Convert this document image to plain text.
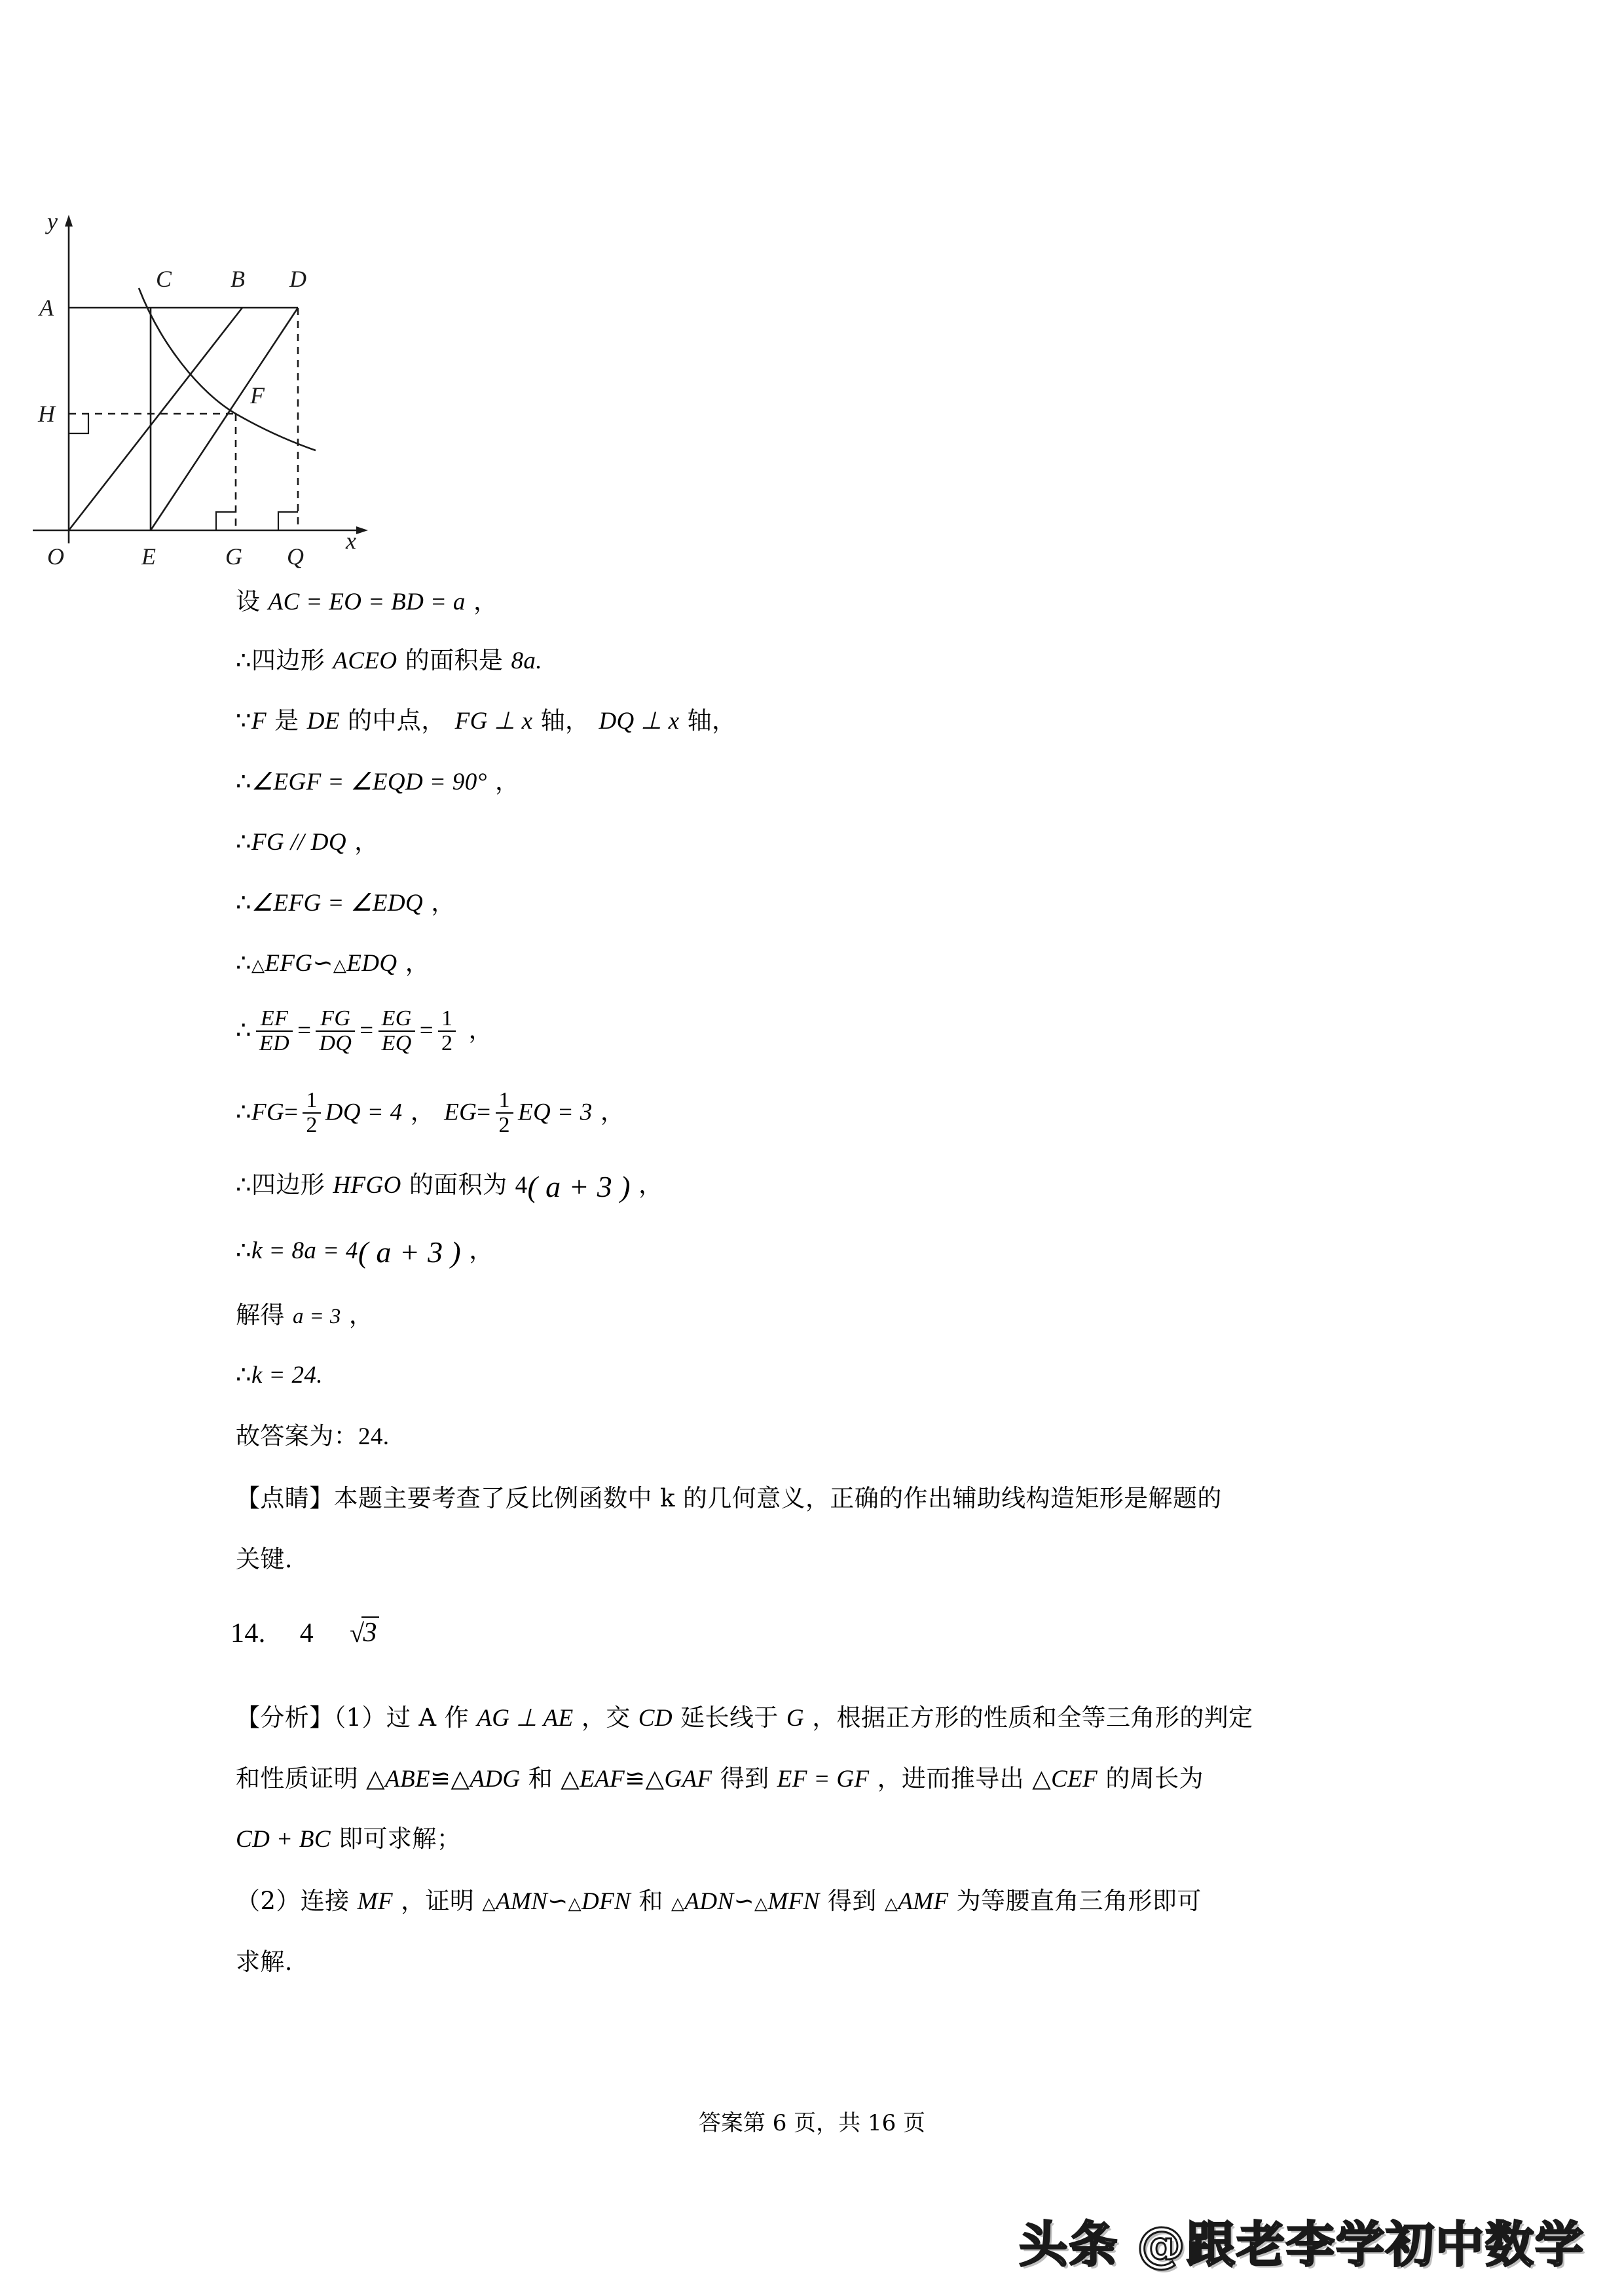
y
x
A
C B D
H
F
O	E	G Q
设 AC = EO = BD = a ，
∴四边形 ACEO 的面积是 8a.
∵F 是 DE 的中点， FG ⊥ x 轴， DQ ⊥ x 轴，
∴∠EGF = ∠EQD = 90° ，
∴FG // DQ ，
∴∠EFG = ∠EDQ ，
∴△EFG∽△EDQ ，
∴ $\frac{EF}{ED} = \frac{FG}{DQ} = \frac{EG}{EQ} = \frac{1}{2}$ ，
∴FG= $\frac{1}{2}$ DQ = 4 ， $EG= \frac{1}{2}$ EQ = 3 ，
∴四边形 HFGO 的面积为 4( a + 3 ) ，
∴k = 8a = 4( a + 3 ) ，
解得 a = 3 ，
∴k = 24.
故答案为：24.
【点睛】本题主要考查了反比例函数中 k 的几何意义，正确的作出辅助线构造矩形是解题的
关键.
14. 4 √3
【分析】（1）过 A 作 AG ⊥ AE ，交 CD 延长线于 G ，根据正方形的性质和全等三角形的判定
和性质证明 △ABE≌△ADG 和 △EAF≌△GAF 得到 EF = GF ，进而推导出 △CEF 的周长为
CD + BC 即可求解；
（2）连接 MF ，证明 △AMN∽△DFN 和 △ADN∽△MFN 得到 △AMF 为等腰直角三角形即可
求解.
答案第 6 页，共 16 页
头条 @跟老李学初中数学
